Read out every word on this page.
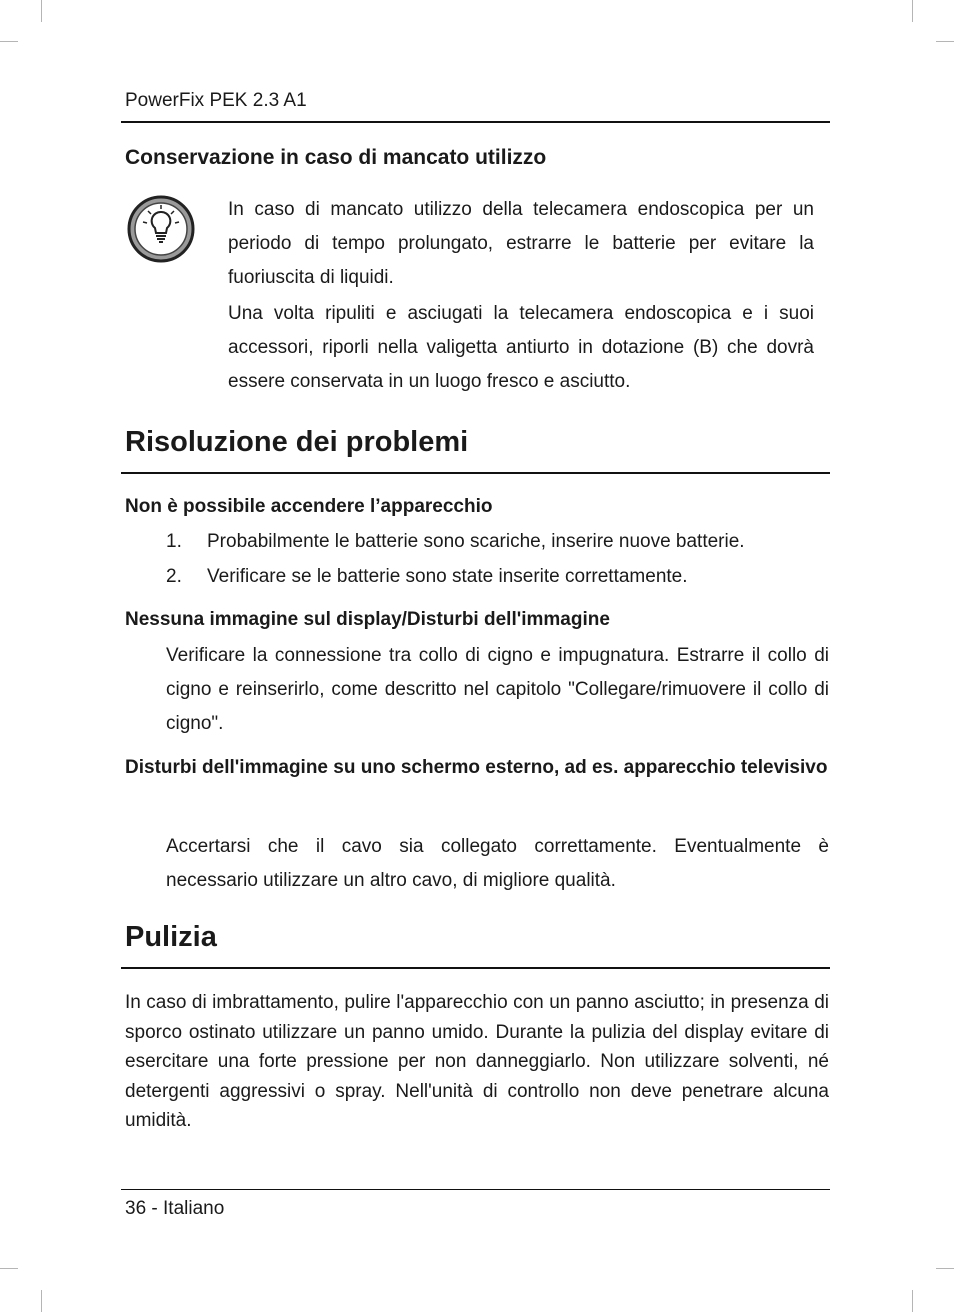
PowerFix PEK 2.3 A1
Conservazione in caso di mancato utilizzo

In caso di mancato utilizzo della telecamera endoscopica per un periodo di tempo prolungato, estrarre le batterie per evitare la fuoriuscita di liquidi.

Una volta ripuliti e asciugati la telecamera endoscopica e i suoi accessori, riporli nella valigetta antiurto in dotazione (B) che dovrà essere conservata in un luogo fresco e asciutto.

Risoluzione dei problemi
Non è possibile accendere l’apparecchio
1. Probabilmente le batterie sono scariche, inserire nuove batterie.
2. Verificare se le batterie sono state inserite correttamente.
Nessuna immagine sul display/Disturbi dell'immagine

Verificare la connessione tra collo di cigno e impugnatura. Estrarre il collo di cigno e reinserirlo, come descritto nel capitolo "Collegare/rimuovere il collo di cigno".

Disturbi dell'immagine su uno schermo esterno, ad es. apparecchio televisivo

Accertarsi che il cavo sia collegato correttamente. Eventualmente è necessario utilizzare un altro cavo, di migliore qualità.

Pulizia

In caso di imbrattamento, pulire l'apparecchio con un panno asciutto; in presenza di sporco ostinato utilizzare un panno umido. Durante la pulizia del display evitare di esercitare una forte pressione per non danneggiarlo. Non utilizzare solventi, né detergenti aggressivi o spray. Nell'unità di controllo non deve penetrare alcuna umidità.

36 - Italiano
